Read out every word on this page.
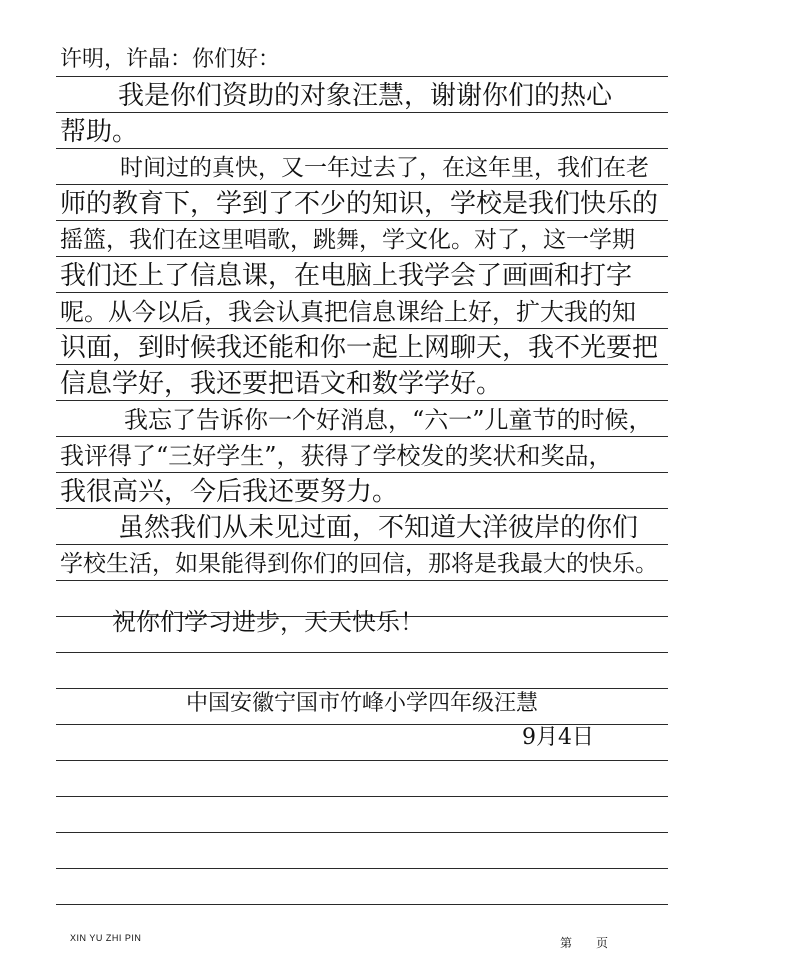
许明，许晶：你们好：
我是你们资助的对象汪慧，谢谢你们的热心
帮助。
时间过的真快，又一年过去了，在这年里，我们在老
师的教育下，学到了不少的知识，学校是我们快乐的
摇篮，我们在这里唱歌，跳舞，学文化。对了，这一学期
我们还上了信息课，在电脑上我学会了画画和打字
呢。从今以后，我会认真把信息课给上好，扩大我的知
识面，到时候我还能和你一起上网聊天，我不光要把
信息学好，我还要把语文和数学学好。
我忘了告诉你一个好消息，“六一”儿童节的时候，
我评得了“三好学生”，获得了学校发的奖状和奖品，
我很高兴，今后我还要努力。
虽然我们从未见过面，不知道大洋彼岸的你们
学校生活，如果能得到你们的回信，那将是我最大的快乐。
祝你们学习进步，天天快乐！
中国安徽宁国市竹峰小学四年级汪慧
9月4日
XIN YU ZHI PIN	第 页
